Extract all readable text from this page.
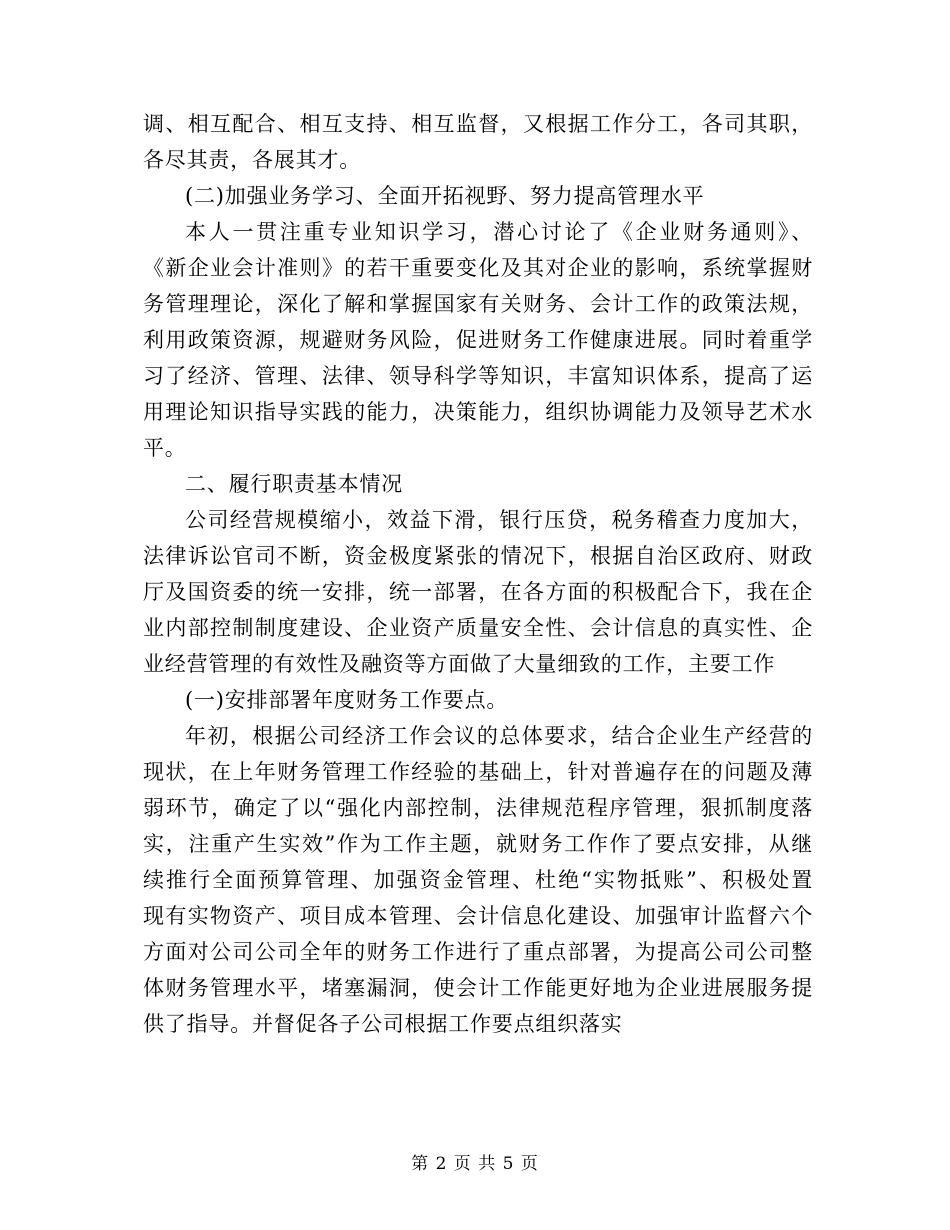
调、相互配合、相互支持、相互监督，又根据工作分工，各司其职，
各尽其责，各展其才。
(二)加强业务学习、全面开拓视野、努力提高管理水平
本人一贯注重专业知识学习，潜心讨论了《企业财务通则》、
《新企业会计准则》的若干重要变化及其对企业的影响，系统掌握财
务管理理论，深化了解和掌握国家有关财务、会计工作的政策法规，
利用政策资源，规避财务风险，促进财务工作健康进展。同时着重学
习了经济、管理、法律、领导科学等知识，丰富知识体系，提高了运
用理论知识指导实践的能力，决策能力，组织协调能力及领导艺术水
平。
二、履行职责基本情况
公司经营规模缩小，效益下滑，银行压贷，税务稽查力度加大，
法律诉讼官司不断，资金极度紧张的情况下，根据自治区政府、财政
厅及国资委的统一安排，统一部署，在各方面的积极配合下，我在企
业内部控制制度建设、企业资产质量安全性、会计信息的真实性、企
业经营管理的有效性及融资等方面做了大量细致的工作，主要工作
(一)安排部署年度财务工作要点。
年初，根据公司经济工作会议的总体要求，结合企业生产经营的
现状，在上年财务管理工作经验的基础上，针对普遍存在的问题及薄
弱环节，确定了以“强化内部控制，法律规范程序管理，狠抓制度落
实，注重产生实效”作为工作主题，就财务工作作了要点安排，从继
续推行全面预算管理、加强资金管理、杜绝“实物抵账”、积极处置
现有实物资产、项目成本管理、会计信息化建设、加强审计监督六个
方面对公司公司全年的财务工作进行了重点部署，为提高公司公司整
体财务管理水平，堵塞漏洞，使会计工作能更好地为企业进展服务提
供了指导。并督促各子公司根据工作要点组织落实
第 2 页 共 5 页
